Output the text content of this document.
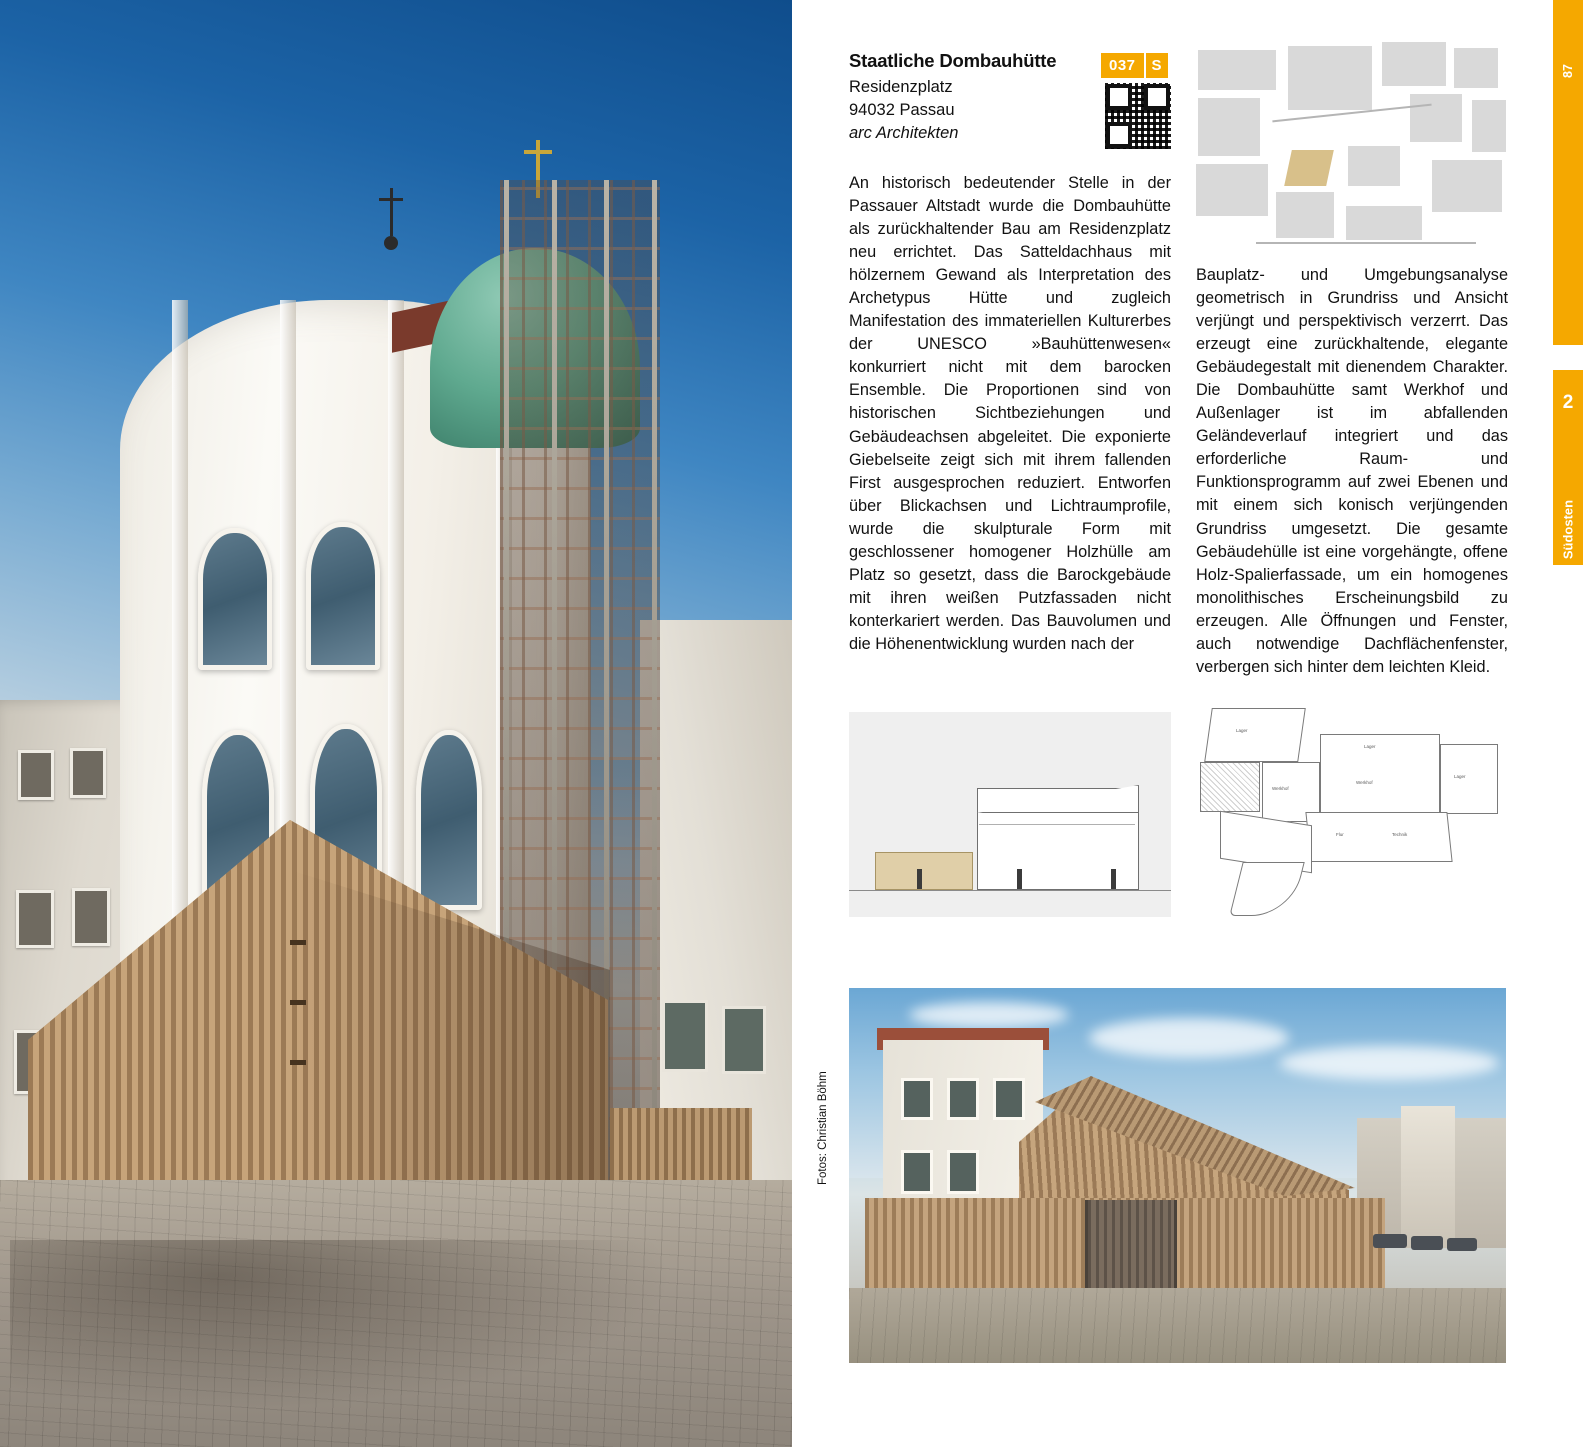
Staatliche Dombauhütte
Residenzplatz
94032 Passau
arc Architekten
037	S
An historisch bedeutender Stelle in der Passauer Altstadt wurde die Dombauhütte als zurückhaltender Bau am Residenzplatz neu errichtet. Das Satteldachhaus mit hölzernem Gewand als Interpretation des Archetypus Hütte und zugleich Manifestation des immateriellen Kulturerbes der UNESCO »Bauhüttenwesen« konkurriert nicht mit dem barocken Ensemble. Die Proportionen sind von historischen Sichtbeziehungen und Gebäudeachsen abgeleitet. Die exponierte Giebelseite zeigt sich mit ihrem fallenden First ausgesprochen reduziert. Entworfen über Blickachsen und Lichtraumprofile, wurde die skulpturale Form mit geschlossener homogener Holzhülle am Platz so gesetzt, dass die Barockgebäude mit ihren weißen Putzfassaden nicht konterkariert werden. Das Bauvolumen und die Höhenentwicklung wurden nach der
Bauplatz- und Umgebungsanalyse geometrisch in Grundriss und Ansicht verjüngt und perspektivisch verzerrt. Das erzeugt eine zurückhaltende, elegante Gebäudegestalt mit dienendem Charakter. Die Dombauhütte samt Werkhof und Außenlager ist im abfallenden Geländeverlauf integriert und das erforderliche Raum- und Funktionsprogramm auf zwei Ebenen und mit einem sich konisch verjüngenden Grundriss umgesetzt. Die gesamte Gebäudehülle ist eine vorgehängte, offene Holz-Spalierfassade, um ein homogenes monolithisches Erscheinungsbild zu erzeugen. Alle Öffnungen und Fenster, auch notwendige Dachflächenfenster, verbergen sich hinter dem leichten Kleid.
Lager
Werkhof
Lager
Werkhof
Lager
Flur	Technik
Fotos: Christian Böhm
87
2
Südosten
